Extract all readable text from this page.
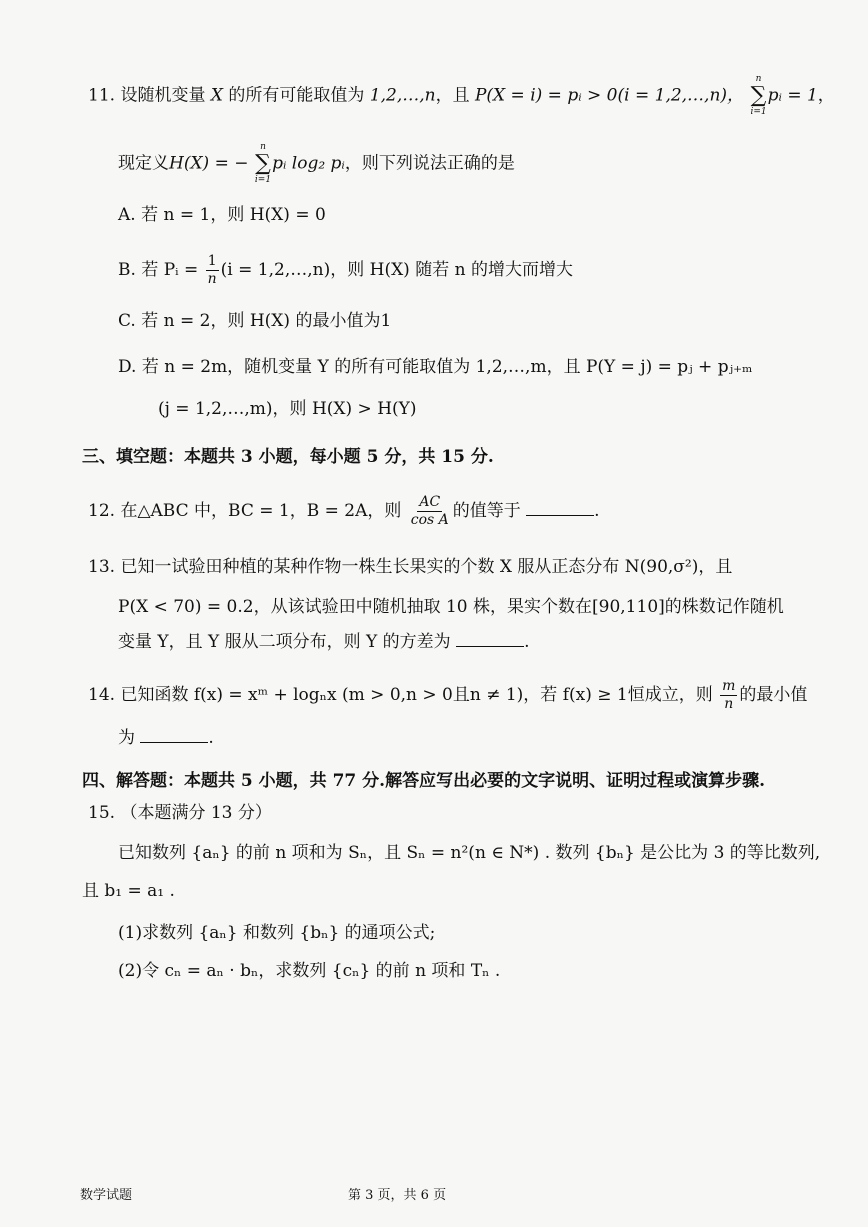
11. 设随机变量 X 的所有可能取值为 1,2,…,n，且 P(X = i) = pᵢ > 0(i = 1,2,…,n)，
n
∑
i=1
pᵢ = 1，
现定义H(X) = −
n
∑
i=1
pᵢ log₂ pᵢ，则下列说法正确的是
A. 若 n = 1，则 H(X) = 0
B. 若 Pᵢ = $\frac{1}{n} (i$ = 1,2,…,n)，则 H(X) 随若 n 的增大而增大
C. 若 n = 2，则 H(X) 的最小值为1
D. 若 n = 2m，随机变量 Y 的所有可能取值为 1,2,…,m，且 P(Y = j) = pⱼ + pⱼ₊ₘ
(j = 1,2,…,m)，则 H(X) > H(Y)
三、填空题：本题共 3 小题，每小题 5 分，共 15 分.
12. 在△ABC 中，BC = 1，B = 2A，则 $\frac{AC}{\text{cos A}}$ 的值等于	.
13. 已知一试验田种植的某种作物一株生长果实的个数 X 服从正态分布 N(90,σ²)，且
P(X < 70) = 0.2，从该试验田中随机抽取 10 株，果实个数在[90,110]的株数记作随机
变量 Y，且 Y 服从二项分布，则 Y 的方差为	.
14. 已知函数 f(x) = xᵐ + logₙx (m > 0,n > 0且n ≠ 1)，若 f(x) ≥ 1恒成立，则 $\frac{m}{n}$ 的最小值
为	.
四、解答题：本题共 5 小题，共 77 分.解答应写出必要的文字说明、证明过程或演算步骤.
15. （本题满分 13 分）
已知数列 {aₙ} 的前 n 项和为 Sₙ，且 Sₙ = n²(n ∈ N*) . 数列 {bₙ} 是公比为 3 的等比数列,
且 b₁ = a₁ .
(1)求数列 {aₙ} 和数列 {bₙ} 的通项公式;
(2)令 cₙ = aₙ · bₙ，求数列 {cₙ} 的前 n 项和 Tₙ .
数学试题	第 3 页，共 6 页
